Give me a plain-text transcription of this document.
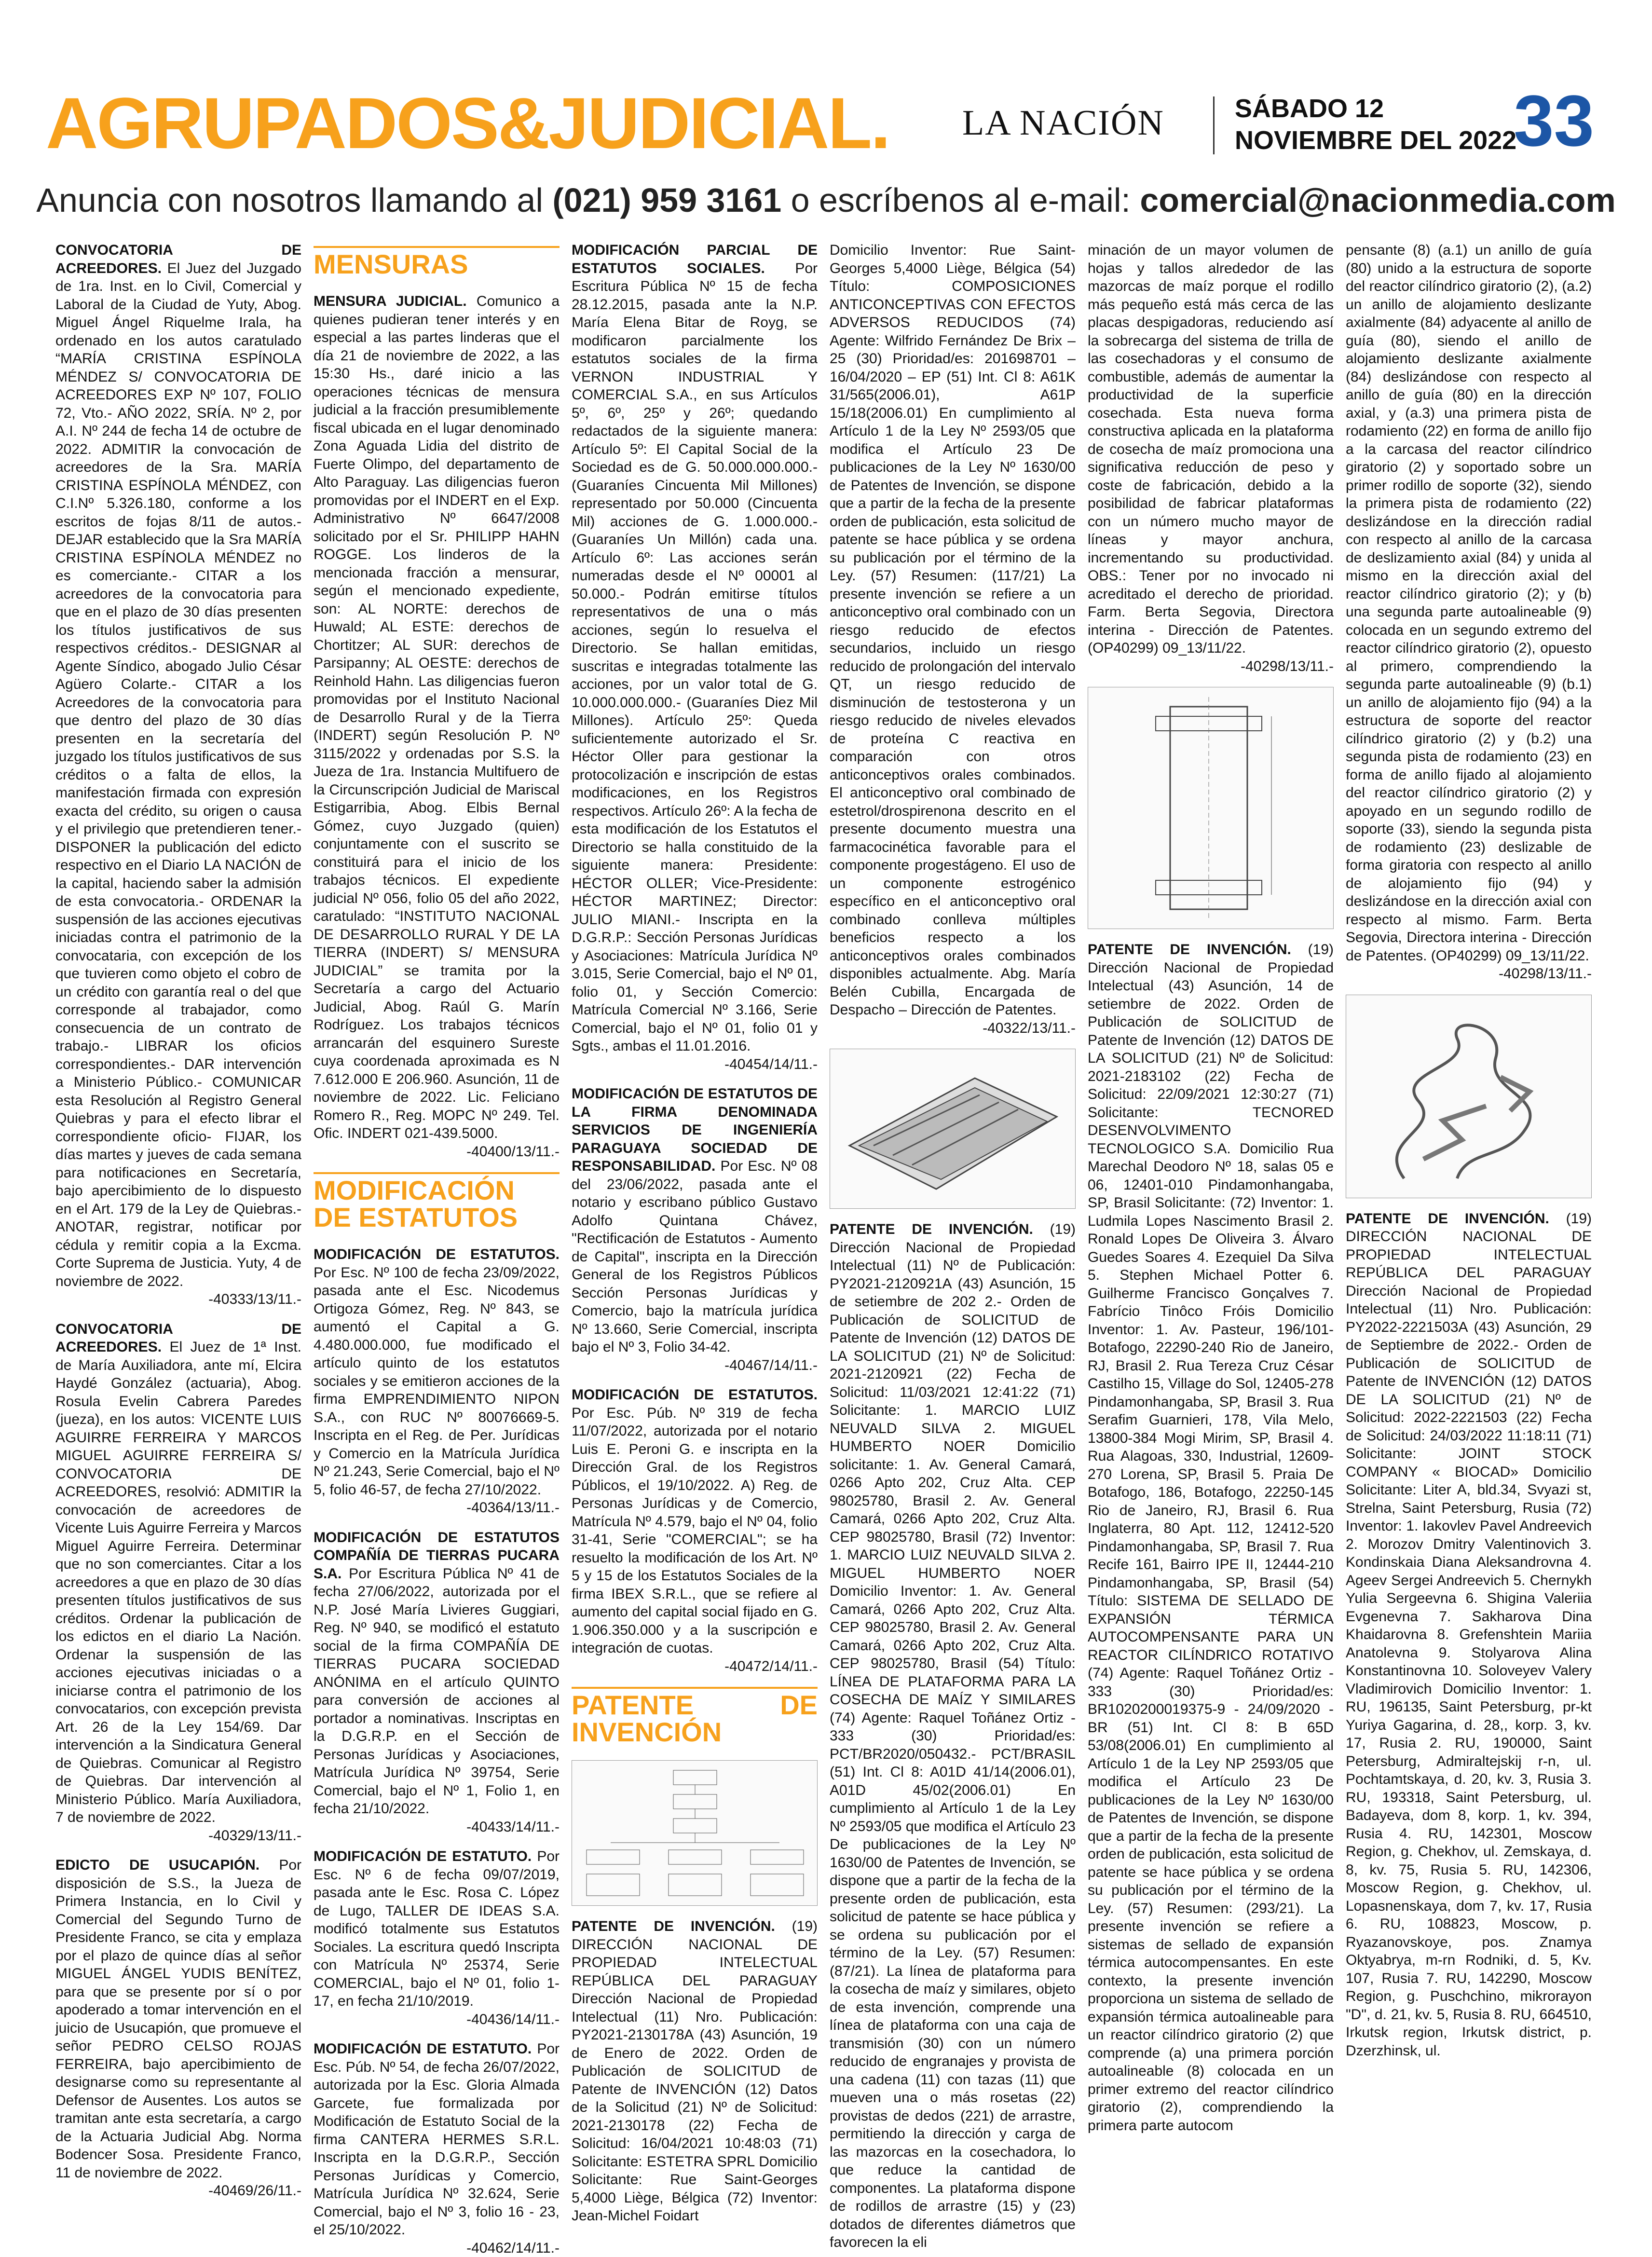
AGRUPADOS&JUDICIAL. LA NACIÓN	SÁBADO 12
NOVIEMBRE DEL 2022
33
Anuncia con nosotros llamando al (021) 959 3161 o escríbenos al e-mail: comercial@nacionmedia.com

CONVOCATORIA DE ACREEDORES. El Juez del Juzgado de 1ra. Inst. en lo Civil, Comercial y Laboral de la Ciudad de Yuty, Abog. Miguel Ángel Riquelme Irala, ha ordenado en los autos caratulado “MARÍA CRISTINA ESPÍNOLA MÉNDEZ S/ CONVOCATORIA DE ACREEDORES EXP Nº 107, FOLIO 72, Vto.- AÑO 2022, SRÍA. Nº 2, por A.I. Nº 244 de fecha 14 de octubre de 2022. ADMITIR la convocación de acreedores de la Sra. MARÍA CRISTINA ESPÍNOLA MÉNDEZ, con C.I.Nº 5.326.180, conforme a los escritos de fojas 8/11 de autos.- DEJAR establecido que la Sra MARÍA CRISTINA ESPÍNOLA MÉNDEZ no es comerciante.- CITAR a los acreedores de la convocatoria para que en el plazo de 30 días presenten los títulos justificativos de sus respectivos créditos.- DESIGNAR al Agente Síndico, abogado Julio César Agüero Colarte.- CITAR a los Acreedores de la convocatoria para que dentro del plazo de 30 días presenten en la secretaría del juzgado los títulos justificativos de sus créditos o a falta de ellos, la manifestación firmada con expresión exacta del crédito, su origen o causa y el privilegio que pretendieren tener.- DISPONER la publicación del edicto respectivo en el Diario LA NACIÓN de la capital, haciendo saber la admisión de esta convocatoria.- ORDENAR la suspensión de las acciones ejecutivas iniciadas contra el patrimonio de la convocataria, con excepción de los que tuvieren como objeto el cobro de un crédito con garantía real o del que corresponde al trabajador, como consecuencia de un contrato de trabajo.- LIBRAR los oficios correspondientes.- DAR intervención a Ministerio Público.- COMUNICAR esta Resolución al Registro General Quiebras y para el efecto librar el correspondiente oficio- FIJAR, los días martes y jueves de cada semana para notificaciones en Secretaría, bajo apercibimiento de lo dispuesto en el Art. 179 de la Ley de Quiebras.- ANOTAR, registrar, notificar por cédula y remitir copia a la Excma. Corte Suprema de Justicia. Yuty, 4 de noviembre de 2022.
-40333/13/11.-

CONVOCATORIA DE ACREEDORES. El Juez de 1ª Inst. de María Auxiliadora, ante mí, Elcira Haydé González (actuaria), Abog. Rosula Evelin Cabrera Paredes (jueza), en los autos: VICENTE LUIS AGUIRRE FERREIRA Y MARCOS MIGUEL AGUIRRE FERREIRA S/ CONVOCATORIA DE ACREEDORES, resolvió: ADMITIR la convocación de acreedores de Vicente Luis Aguirre Ferreira y Marcos Miguel Aguirre Ferreira. Determinar que no son comerciantes. Citar a los acreedores a que en plazo de 30 días presenten títulos justificativos de sus créditos. Ordenar la publicación de los edictos en el diario La Nación. Ordenar la suspensión de las acciones ejecutivas iniciadas o a iniciarse contra el patrimonio de los convocatarios, con excepción prevista Art. 26 de la Ley 154/69. Dar intervención a la Sindicatura General de Quiebras. Comunicar al Registro de Quiebras. Dar intervención al Ministerio Público. María Auxiliadora, 7 de noviembre de 2022.
-40329/13/11.-

EDICTO DE USUCAPIÓN. Por disposición de S.S., la Jueza de Primera Instancia, en lo Civil y Comercial del Segundo Turno de Presidente Franco, se cita y emplaza por el plazo de quince días al señor MIGUEL ÁNGEL YUDIS BENÍTEZ, para que se presente por sí o por apoderado a tomar intervención en el juicio de Usucapión, que promueve el señor PEDRO CELSO ROJAS FERREIRA, bajo apercibimiento de designarse como su representante al Defensor de Ausentes. Los autos se tramitan ante esta secretaría, a cargo de la Actuaria Judicial Abg. Norma Bodencer Sosa. Presidente Franco, 11 de noviembre de 2022.
-40469/26/11.-

MENSURAS

MENSURA JUDICIAL. Comunico a quienes pudieran tener interés y en especial a las partes linderas que el día 21 de noviembre de 2022, a las 15:30 Hs., daré inicio a las operaciones técnicas de mensura judicial a la fracción presumiblemente fiscal ubicada en el lugar denominado Zona Aguada Lidia del distrito de Fuerte Olimpo, del departamento de Alto Paraguay. Las diligencias fueron promovidas por el INDERT en el Exp. Administrativo Nº 6647/2008 solicitado por el Sr. PHILIPP HAHN ROGGE. Los linderos de la mencionada fracción a mensurar, según el mencionado expediente, son: AL NORTE: derechos de Huwald; AL ESTE: derechos de Chortitzer; AL SUR: derechos de Parsipanny; AL OESTE: derechos de Reinhold Hahn. Las diligencias fueron promovidas por el Instituto Nacional de Desarrollo Rural y de la Tierra (INDERT) según Resolución P. Nº 3115/2022 y ordenadas por S.S. la Jueza de 1ra. Instancia Multifuero de la Circunscripción Judicial de Mariscal Estigarribia, Abog. Elbis Bernal Gómez, cuyo Juzgado (quien) conjuntamente con el suscrito se constituirá para el inicio de los trabajos técnicos. El expediente judicial Nº 056, folio 05 del año 2022, caratulado: “INSTITUTO NACIONAL DE DESARROLLO RURAL Y DE LA TIERRA (INDERT) S/ MENSURA JUDICIAL” se tramita por la Secretaría a cargo del Actuario Judicial, Abog. Raúl G. Marín Rodríguez. Los trabajos técnicos arrancarán del esquinero Sureste cuya coordenada aproximada es N 7.612.000 E 206.960. Asunción, 11 de noviembre de 2022. Lic. Feliciano Romero R., Reg. MOPC Nº 249. Tel. Ofic. INDERT 021-439.5000.
-40400/13/11.-

MODIFICACIÓN DE ESTATUTOS

MODIFICACIÓN DE ESTATUTOS. Por Esc. Nº 100 de fecha 23/09/2022, pasada ante el Esc. Nicodemus Ortigoza Gómez, Reg. Nº 843, se aumentó el Capital a G. 4.480.000.000, fue modificado el artículo quinto de los estatutos sociales y se emitieron acciones de la firma EMPRENDIMIENTO NIPON S.A., con RUC Nº 80076669-5. Inscripta en el Reg. de Per. Jurídicas y Comercio en la Matrícula Jurídica Nº 21.243, Serie Comercial, bajo el Nº 5, folio 46-57, de fecha 27/10/2022.
-40364/13/11.-

MODIFICACIÓN DE ESTATUTOS COMPAÑÍA DE TIERRAS PUCARA S.A. Por Escritura Pública Nº 41 de fecha 27/06/2022, autorizada por el N.P. José María Livieres Guggiari, Reg. Nº 940, se modificó el estatuto social de la firma COMPAÑÍA DE TIERRAS PUCARA SOCIEDAD ANÓNIMA en el artículo QUINTO para conversión de acciones al portador a nominativas. Inscriptas en la D.G.R.P. en el Sección de Personas Jurídicas y Asociaciones, Matrícula Jurídica Nº 39754, Serie Comercial, bajo el Nº 1, Folio 1, en fecha 21/10/2022.
-40433/14/11.-

MODIFICACIÓN DE ESTATUTO. Por Esc. Nº 6 de fecha 09/07/2019, pasada ante le Esc. Rosa C. López de Lugo, TALLER DE IDEAS S.A. modificó totalmente sus Estatutos Sociales. La escritura quedó Inscripta con Matrícula Nº 25374, Serie COMERCIAL, bajo el Nº 01, folio 1-17, en fecha 21/10/2019.
-40436/14/11.-

MODIFICACIÓN DE ESTATUTO. Por Esc. Púb. Nº 54, de fecha 26/07/2022, autorizada por la Esc. Gloria Almada Garcete, fue formalizada por Modificación de Estatuto Social de la firma CANTERA HERMES S.R.L. Inscripta en la D.G.R.P., Sección Personas Jurídicas y Comercio, Matrícula Jurídica Nº 32.624, Serie Comercial, bajo el Nº 3, folio 16 - 23, el 25/10/2022.
-40462/14/11.-

MODIFICACIÓN PARCIAL DE ESTATUTOS SOCIALES. Por Escritura Pública Nº 15 de fecha 28.12.2015, pasada ante la N.P. María Elena Bitar de Royg, se modificaron parcialmente los estatutos sociales de la firma VERNON INDUSTRIAL Y COMERCIAL S.A., en sus Artículos 5º, 6º, 25º y 26º; quedando redactados de la siguiente manera: Artículo 5º: El Capital Social de la Sociedad es de G. 50.000.000.000.- (Guaraníes Cincuenta Mil Millones) representado por 50.000 (Cincuenta Mil) acciones de G. 1.000.000.- (Guaraníes Un Millón) cada una. Artículo 6º: Las acciones serán numeradas desde el Nº 00001 al 50.000.- Podrán emitirse títulos representativos de una o más acciones, según lo resuelva el Directorio. Se hallan emitidas, suscritas e integradas totalmente las acciones, por un valor total de G. 10.000.000.000.- (Guaraníes Diez Mil Millones). Artículo 25º: Queda suficientemente autorizado el Sr. Héctor Oller para gestionar la protocolización e inscripción de estas modificaciones, en los Registros respectivos. Artículo 26º: A la fecha de esta modificación de los Estatutos el Directorio se halla constituido de la siguiente manera: Presidente: HÉCTOR OLLER; Vice-Presidente: HÉCTOR MARTINEZ; Director: JULIO MIANI.- Inscripta en la D.G.R.P.: Sección Personas Jurídicas y Asociaciones: Matrícula Jurídica Nº 3.015, Serie Comercial, bajo el Nº 01, folio 01, y Sección Comercio: Matrícula Comercial Nº 3.166, Serie Comercial, bajo el Nº 01, folio 01 y Sgts., ambas el 11.01.2016.
-40454/14/11.-

MODIFICACIÓN DE ESTATUTOS DE LA FIRMA DENOMINADA SERVICIOS DE INGENIERÍA PARAGUAYA SOCIEDAD DE RESPONSABILIDAD. Por Esc. Nº 08 del 23/06/2022, pasada ante el notario y escribano público Gustavo Adolfo Quintana Chávez, "Rectificación de Estatutos - Aumento de Capital", inscripta en la Dirección General de los Registros Públicos Sección Personas Jurídicas y Comercio, bajo la matrícula jurídica Nº 13.660, Serie Comercial, inscripta bajo el Nº 3, Folio 34-42.
-40467/14/11.-

MODIFICACIÓN DE ESTATUTOS. Por Esc. Púb. Nº 319 de fecha 11/07/2022, autorizada por el notario Luis E. Peroni G. e inscripta en la Dirección Gral. de los Registros Públicos, el 19/10/2022. A) Reg. de Personas Jurídicas y de Comercio, Matrícula Nº 4.579, bajo el Nº 04, folio 31-41, Serie "COMERCIAL"; se ha resuelto la modificación de los Art. Nº 5 y 15 de los Estatutos Sociales de la firma IBEX S.R.L., que se refiere al aumento del capital social fijado en G. 1.906.350.000 y a la suscripción e integración de cuotas.
-40472/14/11.-

PATENTE DE INVENCIÓN

PATENTE DE INVENCIÓN. (19) DIRECCIÓN NACIONAL DE PROPIEDAD INTELECTUAL REPÚBLICA DEL PARAGUAY Dirección Nacional de Propiedad Intelectual (11) Nro. Publicación: PY2021-2130178A (43) Asunción, 19 de Enero de 2022. Orden de Publicación de SOLICITUD de Patente de INVENCIÓN (12) Datos de la Solicitud (21) Nº de Solicitud: 2021-2130178 (22) Fecha de Solicitud: 16/04/2021 10:48:03 (71) Solicitante: ESTETRA SPRL Domicilio Solicitante: Rue Saint-Georges 5,4000 Liège, Bélgica (72) Inventor: Jean-Michel Foidart

Domicilio Inventor: Rue Saint-Georges 5,4000 Liège, Bélgica (54) Título: COMPOSICIONES ANTICONCEPTIVAS CON EFECTOS ADVERSOS REDUCIDOS (74) Agente: Wilfrido Fernández De Brix – 25 (30) Prioridad/es: 201698701 – 16/04/2020 – EP (51) Int. Cl 8: A61K 31/565(2006.01), A61P 15/18(2006.01) En cumplimiento al Artículo 1 de la Ley Nº 2593/05 que modifica el Artículo 23 De publicaciones de la Ley Nº 1630/00 de Patentes de Invención, se dispone que a partir de la fecha de la presente orden de publicación, esta solicitud de patente se hace pública y se ordena su publicación por el término de la Ley. (57) Resumen: (117/21) La presente invención se refiere a un anticonceptivo oral combinado con un riesgo reducido de efectos secundarios, incluido un riesgo reducido de prolongación del intervalo QT, un riesgo reducido de disminución de testosterona y un riesgo reducido de niveles elevados de proteína C reactiva en comparación con otros anticonceptivos orales combinados. El anticonceptivo oral combinado de estetrol/drospirenona descrito en el presente documento muestra una farmacocinética favorable para el componente progestágeno. El uso de un componente estrogénico específico en el anticonceptivo oral combinado conlleva múltiples beneficios respecto a los anticonceptivos orales combinados disponibles actualmente. Abg. María Belén Cubilla, Encargada de Despacho – Dirección de Patentes.
-40322/13/11.-

PATENTE DE INVENCIÓN. (19) Dirección Nacional de Propiedad Intelectual (11) Nº de Publicación: PY2021-2120921A (43) Asunción, 15 de setiembre de 202 2.- Orden de Publicación de SOLICITUD de Patente de Invención (12) DATOS DE LA SOLICITUD (21) Nº de Solicitud: 2021-2120921 (22) Fecha de Solicitud: 11/03/2021 12:41:22 (71) Solicitante: 1. MARCIO LUIZ NEUVALD SILVA 2. MIGUEL HUMBERTO NOER Domicilio solicitante: 1. Av. General Camará, 0266 Apto 202, Cruz Alta. CEP 98025780, Brasil 2. Av. General Camará, 0266 Apto 202, Cruz Alta. CEP 98025780, Brasil (72) Inventor: 1. MARCIO LUIZ NEUVALD SILVA 2. MIGUEL HUMBERTO NOER Domicilio Inventor: 1. Av. General Camará, 0266 Apto 202, Cruz Alta. CEP 98025780, Brasil 2. Av. General Camará, 0266 Apto 202, Cruz Alta. CEP 98025780, Brasil (54) Título: LÍNEA DE PLATAFORMA PARA LA COSECHA DE MAÍZ Y SIMILARES (74) Agente: Raquel Toñánez Ortiz - 333 (30) Prioridad/es: PCT/BR2020/050432.- PCT/BRASIL (51) Int. Cl 8: A01D 41/14(2006.01), A01D 45/02(2006.01) En cumplimiento al Artículo 1 de la Ley Nº 2593/05 que modifica el Artículo 23 De publicaciones de la Ley Nº 1630/00 de Patentes de Invención, se dispone que a partir de la fecha de la presente orden de publicación, esta solicitud de patente se hace pública y se ordena su publicación por el término de la Ley. (57) Resumen: (87/21). La línea de plataforma para la cosecha de maíz y similares, objeto de esta invención, comprende una línea de plataforma con una caja de transmisión (30) con un número reducido de engranajes y provista de una cadena (11) con tazas (11) que mueven una o más rosetas (22) provistas de dedos (221) de arrastre, permitiendo la dirección y carga de las mazorcas en la cosechadora, lo que reduce la cantidad de componentes. La plataforma dispone de rodillos de arrastre (15) y (23) dotados de diferentes diámetros que favorecen la eli

minación de un mayor volumen de hojas y tallos alrededor de las mazorcas de maíz porque el rodillo más pequeño está más cerca de las placas despigadoras, reduciendo así la sobrecarga del sistema de trilla de las cosechadoras y el consumo de combustible, además de aumentar la productividad de la superficie cosechada. Esta nueva forma constructiva aplicada en la plataforma de cosecha de maíz promociona una significativa reducción de peso y coste de fabricación, debido a la posibilidad de fabricar plataformas con un número mucho mayor de líneas y mayor anchura, incrementando su productividad. OBS.: Tener por no invocado ni acreditado el derecho de prioridad. Farm. Berta Segovia, Directora interina - Dirección de Patentes. (OP40299) 09_13/11/22.
-40298/13/11.-

PATENTE DE INVENCIÓN. (19) Dirección Nacional de Propiedad Intelectual (43) Asunción, 14 de setiembre de 2022. Orden de Publicación de SOLICITUD de Patente de Invención (12) DATOS DE LA SOLICITUD (21) Nº de Solicitud: 2021-2183102 (22) Fecha de Solicitud: 22/09/2021 12:30:27 (71) Solicitante: TECNORED DESENVOLVIMENTO TECNOLOGICO S.A. Domicilio Rua Marechal Deodoro Nº 18, salas 05 e 06, 12401-010 Pindamonhangaba, SP, Brasil Solicitante: (72) Inventor: 1. Ludmila Lopes Nascimento Brasil 2. Ronald Lopes De Oliveira 3. Álvaro Guedes Soares 4. Ezequiel Da Silva 5. Stephen Michael Potter 6. Guilherme Francisco Gonçalves 7. Fabrício Tinôco Fróis Domicilio Inventor: 1. Av. Pasteur, 196/101- Botafogo, 22290-240 Rio de Janeiro, RJ, Brasil 2. Rua Tereza Cruz César Castilho 15, Village do Sol, 12405-278 Pindamonhangaba, SP, Brasil 3. Rua Serafim Guarnieri, 178, Vila Melo, 13800-384 Mogi Mirim, SP, Brasil 4. Rua Alagoas, 330, Industrial, 12609-270 Lorena, SP, Brasil 5. Praia De Botafogo, 186, Botafogo, 22250-145 Rio de Janeiro, RJ, Brasil 6. Rua Inglaterra, 80 Apt. 112, 12412-520 Pindamonhangaba, SP, Brasil 7. Rua Recife 161, Bairro IPE II, 12444-210 Pindamonhangaba, SP, Brasil (54) Título: SISTEMA DE SELLADO DE EXPANSIÓN TÉRMICA AUTOCOMPENSANTE PARA UN REACTOR CILÍNDRICO ROTATIVO (74) Agente: Raquel Toñánez Ortiz - 333 (30) Prioridad/es: BR1020200019375-9 - 24/09/2020 - BR (51) Int. Cl 8: B 65D 53/08(2006.01) En cumplimiento al Artículo 1 de la Ley NP 2593/05 que modifica el Artículo 23 De publicaciones de la Ley Nº 1630/00 de Patentes de Invención, se dispone que a partir de la fecha de la presente orden de publicación, esta solicitud de patente se hace pública y se ordena su publicación por el término de la Ley. (57) Resumen: (293/21). La presente invención se refiere a sistemas de sellado de expansión térmica autocompensantes. En este contexto, la presente invención proporciona un sistema de sellado de expansión térmica autoalineable para un reactor cilíndrico giratorio (2) que comprende (a) una primera porción autoalineable (8) colocada en un primer extremo del reactor cilíndrico giratorio (2), comprendiendo la primera parte autocom

pensante (8) (a.1) un anillo de guía (80) unido a la estructura de soporte del reactor cilíndrico giratorio (2), (a.2) un anillo de alojamiento deslizante axialmente (84) adyacente al anillo de guía (80), siendo el anillo de alojamiento deslizante axialmente (84) deslizándose con respecto al anillo de guía (80) en la dirección axial, y (a.3) una primera pista de rodamiento (22) en forma de anillo fijo a la carcasa del reactor cilíndrico giratorio (2) y soportado sobre un primer rodillo de soporte (32), siendo la primera pista de rodamiento (22) deslizándose en la dirección radial con respecto al anillo de la carcasa de deslizamiento axial (84) y unida al mismo en la dirección axial del reactor cilíndrico giratorio (2); y (b) una segunda parte autoalineable (9) colocada en un segundo extremo del reactor cilíndrico giratorio (2), opuesto al primero, comprendiendo la segunda parte autoalineable (9) (b.1) un anillo de alojamiento fijo (94) a la estructura de soporte del reactor cilíndrico giratorio (2) y (b.2) una segunda pista de rodamiento (23) en forma de anillo fijado al alojamiento del reactor cilíndrico giratorio (2) y apoyado en un segundo rodillo de soporte (33), siendo la segunda pista de rodamiento (23) deslizable de forma giratoria con respecto al anillo de alojamiento fijo (94) y deslizándose en la dirección axial con respecto al mismo. Farm. Berta Segovia, Directora interina - Dirección de Patentes. (OP40299) 09_13/11/22.
-40298/13/11.-

PATENTE DE INVENCIÓN. (19) DIRECCIÓN NACIONAL DE PROPIEDAD INTELECTUAL REPÚBLICA DEL PARAGUAY Dirección Nacional de Propiedad Intelectual (11) Nro. Publicación: PY2022-2221503A (43) Asunción, 29 de Septiembre de 2022.- Orden de Publicación de SOLICITUD de Patente de INVENCIÓN (12) DATOS DE LA SOLICITUD (21) Nº de Solicitud: 2022-2221503 (22) Fecha de Solicitud: 24/03/2022 11:18:11 (71) Solicitante: JOINT STOCK COMPANY « BIOCAD» Domicilio Solicitante: Liter A, bld.34, Svyazi st, Strelna, Saint Petersburg, Rusia (72) Inventor: 1. Iakovlev Pavel Andreevich 2. Morozov Dmitry Valentinovich 3. Kondinskaia Diana Aleksandrovna 4. Ageev Sergei Andreevich 5. Chernykh Yulia Sergeevna 6. Shigina Valeriia Evgenevna 7. Sakharova Dina Khaidarovna 8. Grefenshtein Mariia Anatolevna 9. Stolyarova Alina Konstantinovna 10. Soloveyev Valery Vladimirovich Domicilio Inventor: 1. RU, 196135, Saint Petersburg, pr-kt Yuriya Gagarina, d. 28,, korp. 3, kv. 17, Rusia 2. RU, 190000, Saint Petersburg, Admiraltejskij r-n, ul. Pochtamtskaya, d. 20, kv. 3, Rusia 3. RU, 193318, Saint Petersburg, ul. Badayeva, dom 8, korp. 1, kv. 394, Rusia 4. RU, 142301, Moscow Region, g. Chekhov, ul. Zemskaya, d. 8, kv. 75, Rusia 5. RU, 142306, Moscow Region, g. Chekhov, ul. Lopasnenskaya, dom 7, kv. 17, Rusia 6. RU, 108823, Moscow, p. Ryazanovskoye, pos. Znamya Oktyabrya, m-rn Rodniki, d. 5, Kv. 107, Rusia 7. RU, 142290, Moscow Region, g. Puschchino, mikrorayon "D", d. 21, kv. 5, Rusia 8. RU, 664510, Irkutsk region, Irkutsk district, p. Dzerzhinsk, ul.
